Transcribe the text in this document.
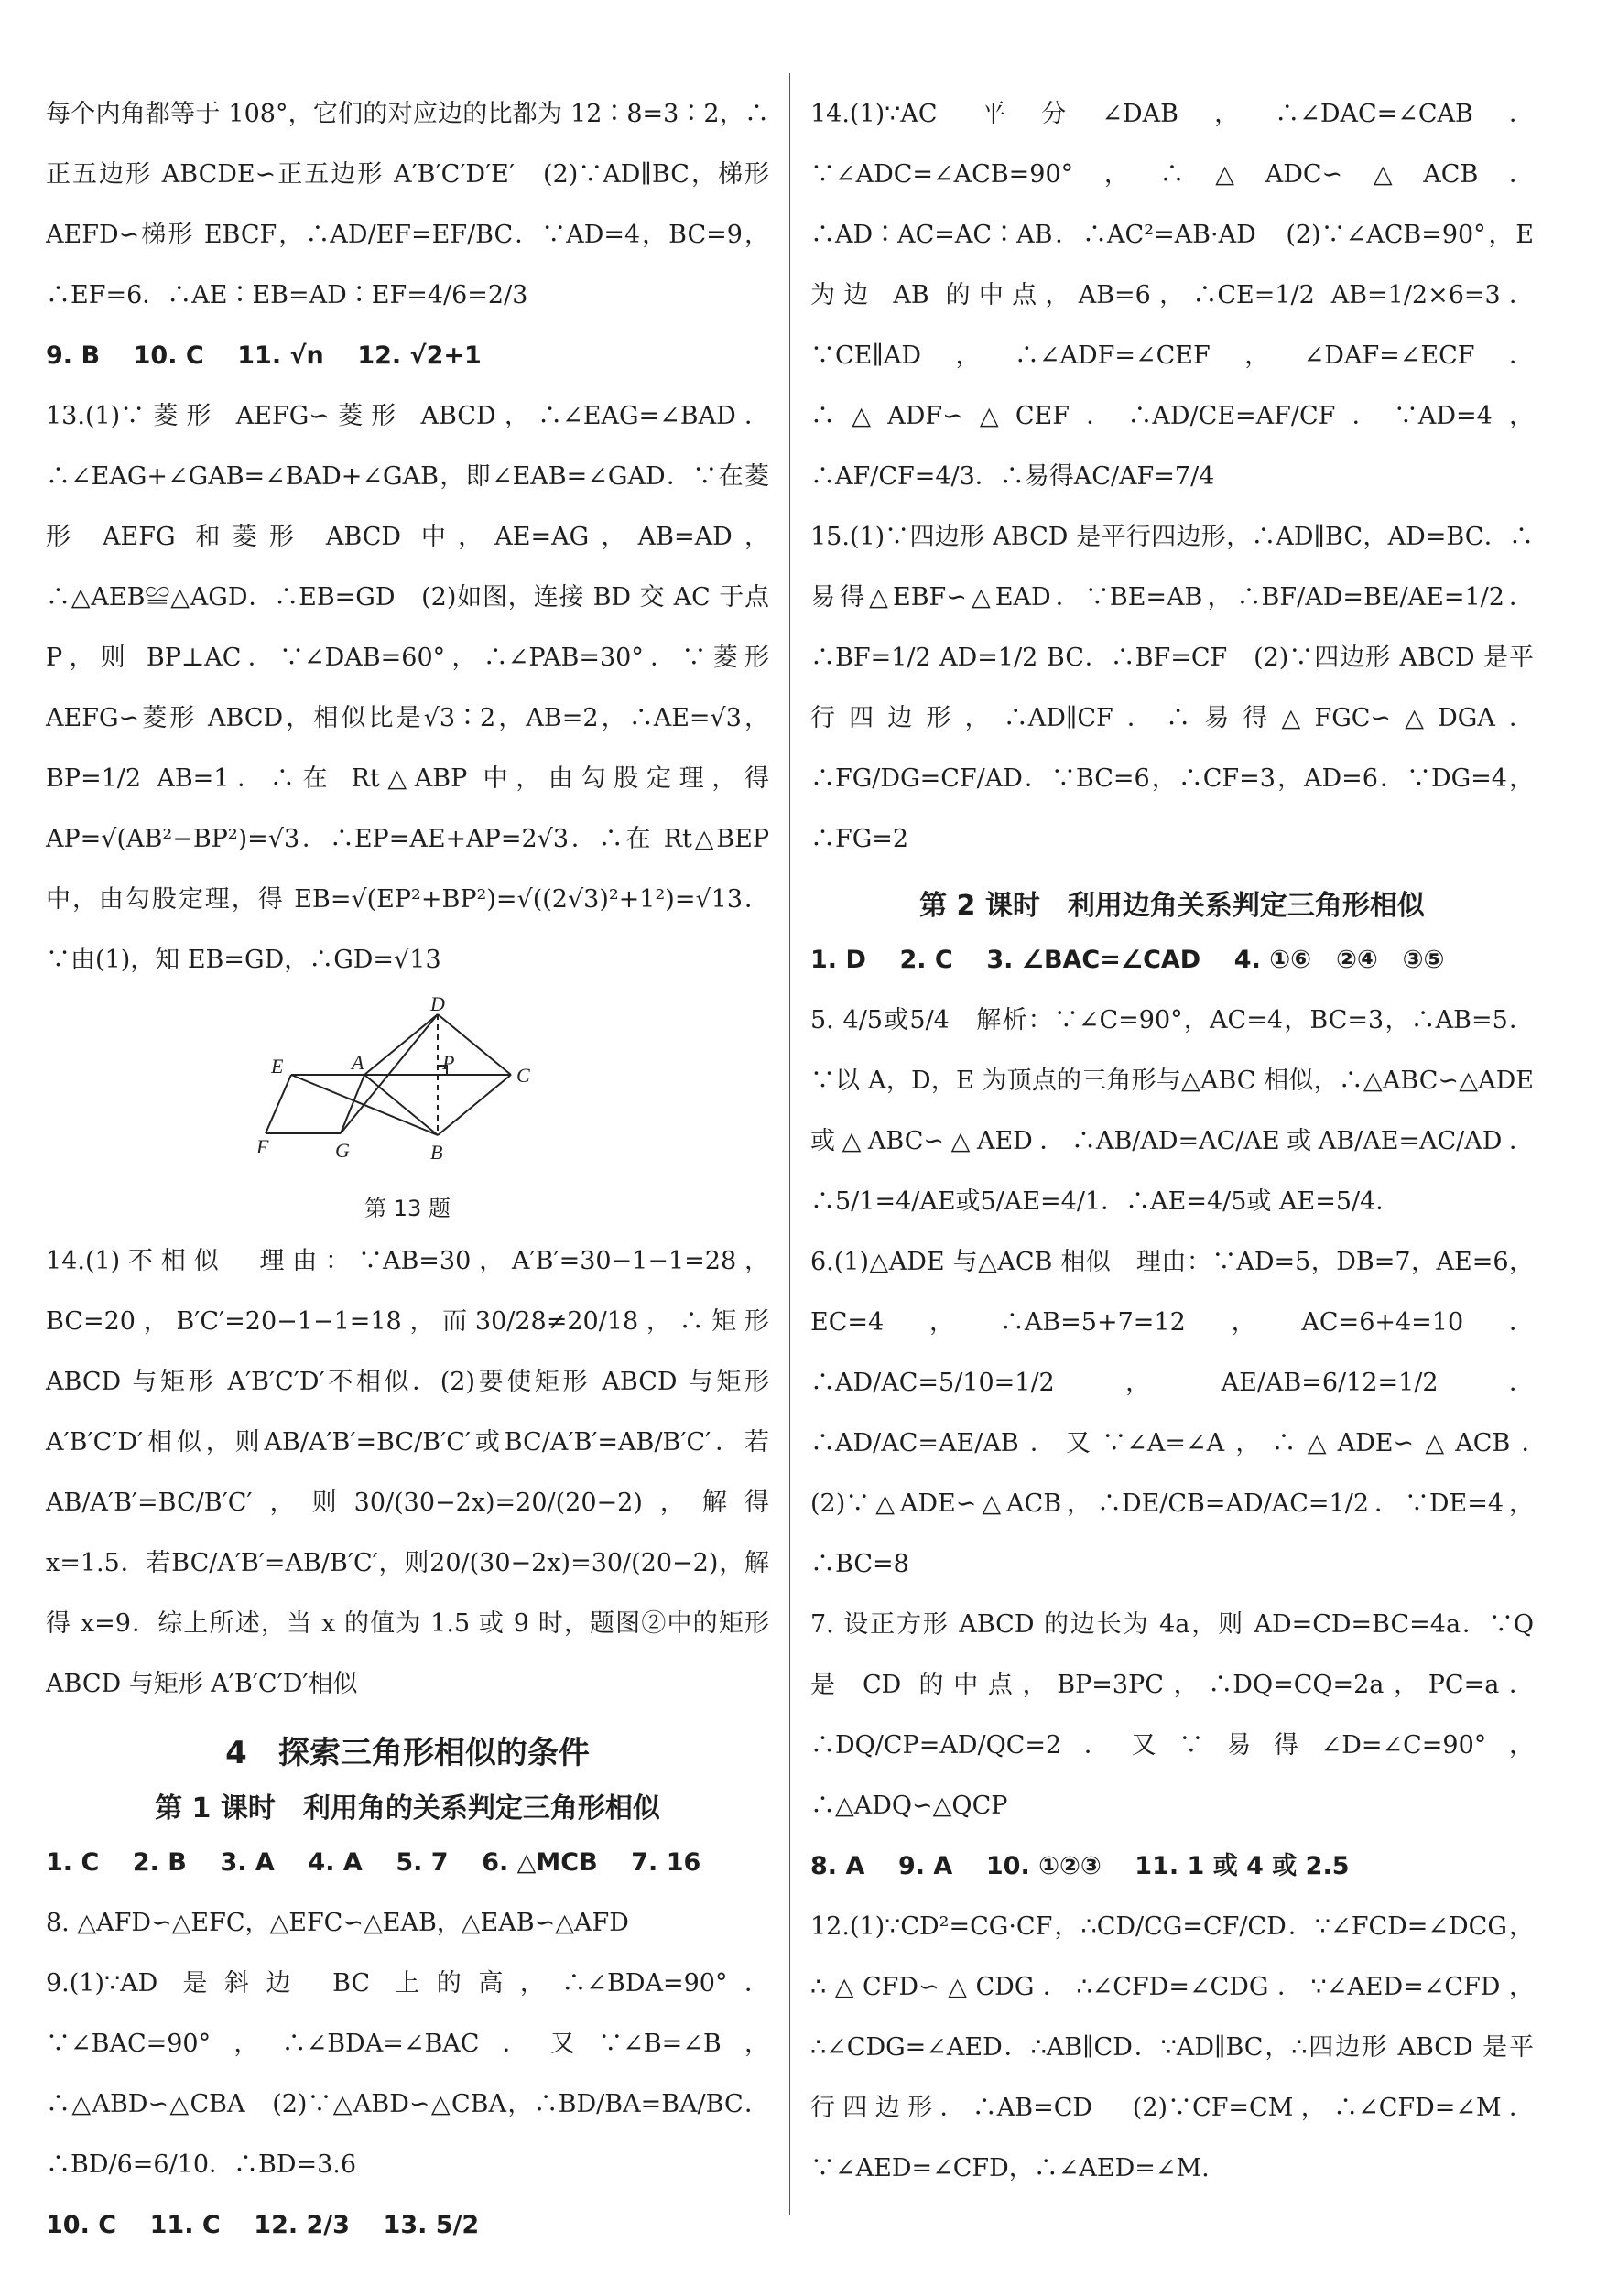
每个内角都等于 108°，它们的对应边的比都为 12∶8=3∶2，∴正五边形 ABCDE∽正五边形 A′B′C′D′E′　(2)∵AD∥BC，梯形 AEFD∽梯形 EBCF，∴AD/EF=EF/BC．∵AD=4，BC=9，∴EF=6．∴AE∶EB=AD∶EF=4/6=2/3

9. B 10. C 11. √n 12. √2+1

13.(1)∵菱形 AEFG∽菱形 ABCD，∴∠EAG=∠BAD．∴∠EAG+∠GAB=∠BAD+∠GAB，即∠EAB=∠GAD．∵在菱形 AEFG 和菱形 ABCD 中，AE=AG，AB=AD，∴△AEB≌△AGD．∴EB=GD　(2)如图，连接 BD 交 AC 于点 P，则 BP⊥AC．∵∠DAB=60°，∴∠PAB=30°．∵菱形 AEFG∽菱形 ABCD，相似比是√3∶2，AB=2，∴AE=√3，BP=1/2 AB=1．∴在 Rt△ABP 中，由勾股定理，得 AP=√(AB²−BP²)=√3．∴EP=AE+AP=2√3．∴在 Rt△BEP 中，由勾股定理，得 EB=√(EP²+BP²)=√((2√3)²+1²)=√13．∵由(1)，知 EB=GD，∴GD=√13

D
E	A	P
C
F	G	B
第 13 题

14.(1)不相似　理由：∵AB=30，A′B′=30−1−1=28，BC=20，B′C′=20−1−1=18，而30/28≠20/18，∴矩形 ABCD 与矩形 A′B′C′D′不相似．(2)要使矩形 ABCD 与矩形 A′B′C′D′相似，则AB/A′B′=BC/B′C′或BC/A′B′=AB/B′C′．若AB/A′B′=BC/B′C′，则30/(30−2x)=20/(20−2)，解得 x=1.5．若BC/A′B′=AB/B′C′，则20/(30−2x)=30/(20−2)，解得 x=9．综上所述，当 x 的值为 1.5 或 9 时，题图②中的矩形 ABCD 与矩形 A′B′C′D′相似

4　探索三角形相似的条件
第 1 课时　利用角的关系判定三角形相似

1. C 2. B 3. A 4. A 5. 7 6. △MCB 7. 16

8. △AFD∽△EFC，△EFC∽△EAB，△EAB∽△AFD

9.(1)∵AD 是斜边 BC 上的高，∴∠BDA=90°．∵∠BAC=90°，∴∠BDA=∠BAC．又∵∠B=∠B，∴△ABD∽△CBA　(2)∵△ABD∽△CBA，∴BD/BA=BA/BC．∴BD/6=6/10．∴BD=3.6

10. C 11. C 12. 2/3 13. 5/2

14.(1)∵AC 平分∠DAB，∴∠DAC=∠CAB．∵∠ADC=∠ACB=90°，∴△ADC∽△ACB．∴AD∶AC=AC∶AB．∴AC²=AB·AD　(2)∵∠ACB=90°，E 为边 AB 的中点，AB=6，∴CE=1/2 AB=1/2×6=3．∵CE∥AD，∴∠ADF=∠CEF，∠DAF=∠ECF．∴△ADF∽△CEF．∴AD/CE=AF/CF．∵AD=4，∴AF/CF=4/3．∴易得AC/AF=7/4

15.(1)∵四边形 ABCD 是平行四边形，∴AD∥BC，AD=BC．∴易得△EBF∽△EAD．∵BE=AB，∴BF/AD=BE/AE=1/2．∴BF=1/2 AD=1/2 BC．∴BF=CF　(2)∵四边形 ABCD 是平行四边形，∴AD∥CF．∴易得△FGC∽△DGA．∴FG/DG=CF/AD．∵BC=6，∴CF=3，AD=6．∵DG=4，∴FG=2

第 2 课时　利用边角关系判定三角形相似

1. D 2. C 3. ∠BAC=∠CAD 4. ①⑥　②④　③⑤

5. 4/5或5/4　解析：∵∠C=90°，AC=4，BC=3，∴AB=5．∵以 A，D，E 为顶点的三角形与△ABC 相似，∴△ABC∽△ADE 或△ABC∽△AED．∴AB/AD=AC/AE或AB/AE=AC/AD．∴5/1=4/AE或5/AE=4/1．∴AE=4/5或 AE=5/4．

6.(1)△ADE 与△ACB 相似　理由：∵AD=5，DB=7，AE=6，EC=4，∴AB=5+7=12，AC=6+4=10．∴AD/AC=5/10=1/2，AE/AB=6/12=1/2．∴AD/AC=AE/AB．又∵∠A=∠A，∴△ADE∽△ACB．　(2)∵△ADE∽△ACB，∴DE/CB=AD/AC=1/2．∵DE=4，∴BC=8

7. 设正方形 ABCD 的边长为 4a，则 AD=CD=BC=4a．∵Q 是 CD 的中点，BP=3PC，∴DQ=CQ=2a，PC=a．∴DQ/CP=AD/QC=2．又∵易得∠D=∠C=90°，∴△ADQ∽△QCP

8. A 9. A 10. ①②③ 11. 1 或 4 或 2.5

12.(1)∵CD²=CG·CF，∴CD/CG=CF/CD．∵∠FCD=∠DCG，∴△CFD∽△CDG．∴∠CFD=∠CDG．∵∠AED=∠CFD，∴∠CDG=∠AED．∴AB∥CD．∵AD∥BC，∴四边形 ABCD 是平行四边形．∴AB=CD　(2)∵CF=CM，∴∠CFD=∠M．∵∠AED=∠CFD，∴∠AED=∠M.
